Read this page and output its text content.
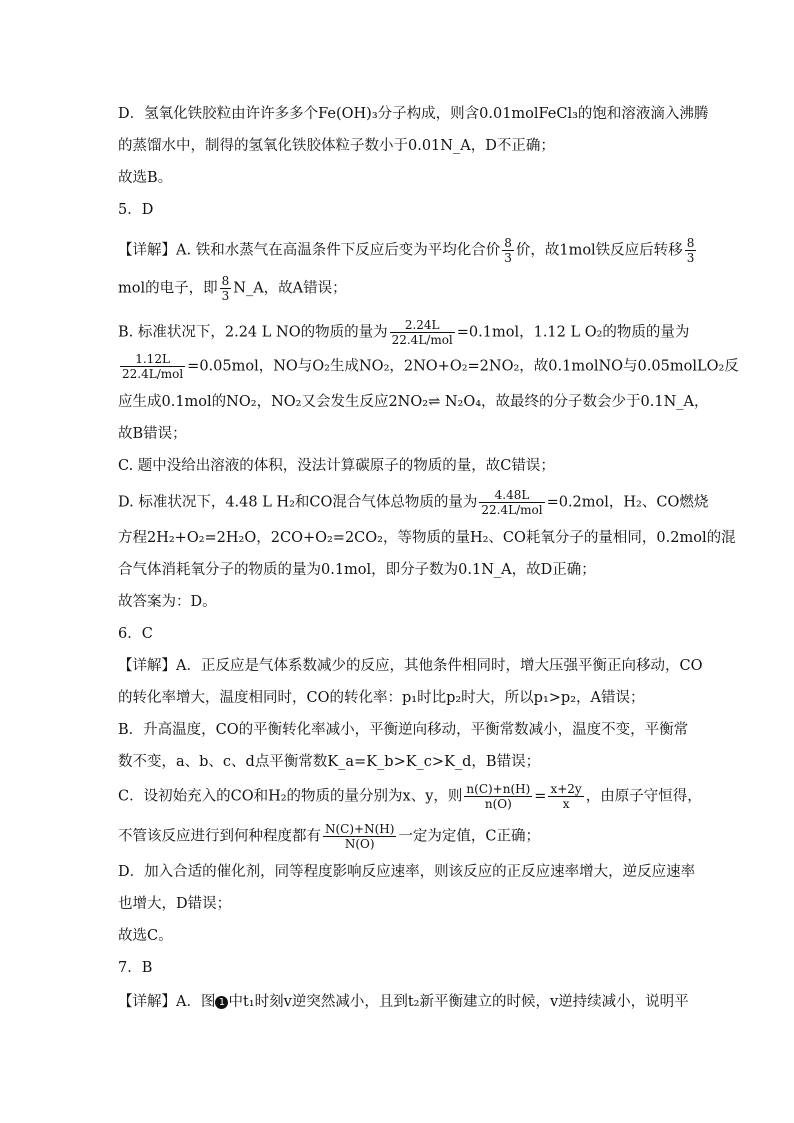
D．氢氧化铁胶粒由许许多多个Fe(OH)₃分子构成，则含0.01molFeCl₃的饱和溶液滴入沸腾
的蒸馏水中，制得的氢氧化铁胶体粒子数小于0.01N_A，D不正确；
故选B。
5．D
【详解】A. 铁和水蒸气在高温条件下反应后变为平均化合价 $\frac{8}{3}$ 价，故1mol铁反应后转移 $\frac{8}{3}$
mol的电子，即 $\frac{8}{3}$ N_A，故A错误；
B. 标准状况下，2.24 L NO的物质的量为 $\frac{2.24L}{\text{22.4L/mol}} =0.1mol$，1.12 L O₂的物质的量为
$\frac{1.12L}{\text{22.4L/mol}} =0.05mol$，NO与O₂生成NO₂，2NO+O₂=2NO₂，故0.1molNO与0.05molLO₂反
应生成0.1mol的NO₂，NO₂又会发生反应2NO₂⇌ N₂O₄，故最终的分子数会少于0.1N_A，
故B错误；
C. 题中没给出溶液的体积，没法计算碳原子的物质的量，故C错误；
D. 标准状况下，4.48 L H₂和CO混合气体总物质的量为 $\frac{4.48L}{\text{22.4L/mol}} =0.2mol$，H₂、CO燃烧
方程2H₂+O₂=2H₂O，2CO+O₂=2CO₂，等物质的量H₂、CO耗氧分子的量相同，0.2mol的混
合气体消耗氧分子的物质的量为0.1mol，即分子数为0.1N_A，故D正确；
故答案为：D。
6．C
【详解】A．正反应是气体系数减少的反应，其他条件相同时，增大压强平衡正向移动，CO
的转化率增大，温度相同时，CO的转化率：p₁时比p₂时大，所以p₁>p₂，A错误；
B．升高温度，CO的平衡转化率减小，平衡逆向移动，平衡常数减小，温度不变，平衡常
数不变，a、b、c、d点平衡常数K_a=K_b>K_c>K_d，B错误；
C．设初始充入的CO和H₂的物质的量分别为x、y，则 $\frac{n(C)+n(H)}{n(O)} = \frac{x+2y}{x}$ ，由原子守恒得，
不管该反应进行到何种程度都有 $\frac{N(C)+N(H)}{N(O)}$ 一定为定值，C正确；
D．加入合适的催化剂，同等程度影响反应速率，则该反应的正反应速率增大，逆反应速率
也增大，D错误；
故选C。
7．B
【详解】A．图 1 中t₁时刻v逆突然减小，且到t₂新平衡建立的时候，v逆持续减小，说明平
